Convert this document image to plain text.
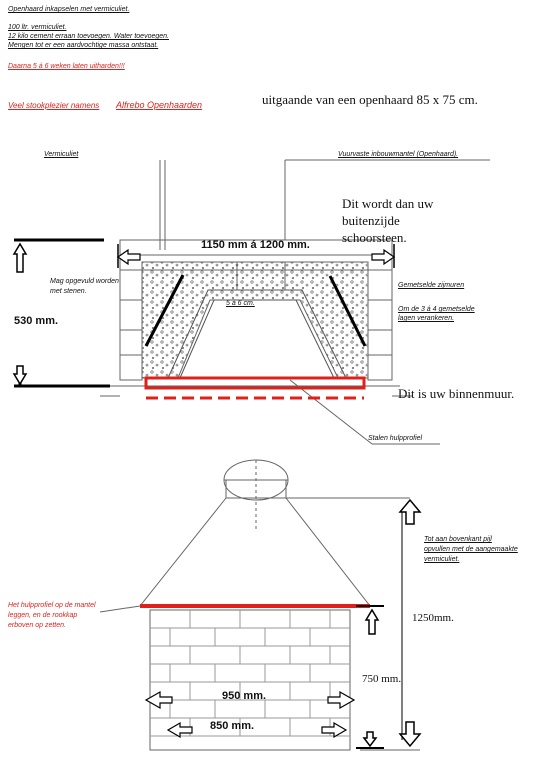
Openhaard inkapselen met vermiculiet.
100 ltr. vermiculiet.
12 kilo cement erraan toevoegen. Water toevoegen.
Mengen tot er een aardvochtige massa ontstaat.
Daarna 5 á 6 weken laten uitharden!!!
Veel stookplezier namens Alfrebo Openhaarden	uitgaande van een openhaard 85 x 75 cm.
Vermiculiet	Vuurvaste inbouwmantel (Openhaard).
Dit wordt dan uw
buitenzijde
schoorsteen.
1150 mm á 1200 mm.
Mag opgevuld worden
met stenen.
5 á 6 cm.
530 mm.
Gemetselde zijmuren
Om de 3 á 4 gemetselde
lagen verankeren.
Dit is uw binnenmuur.
Stalen hulpprofiel
Tot aan bovenkant pijl
opvullen met de aangemaakte
vermiculiet.
Het hulpprofiel op de mantel
leggen, en de rookkap
erboven op zetten.
1250mm.
750 mm.
950 mm.
850 mm.
